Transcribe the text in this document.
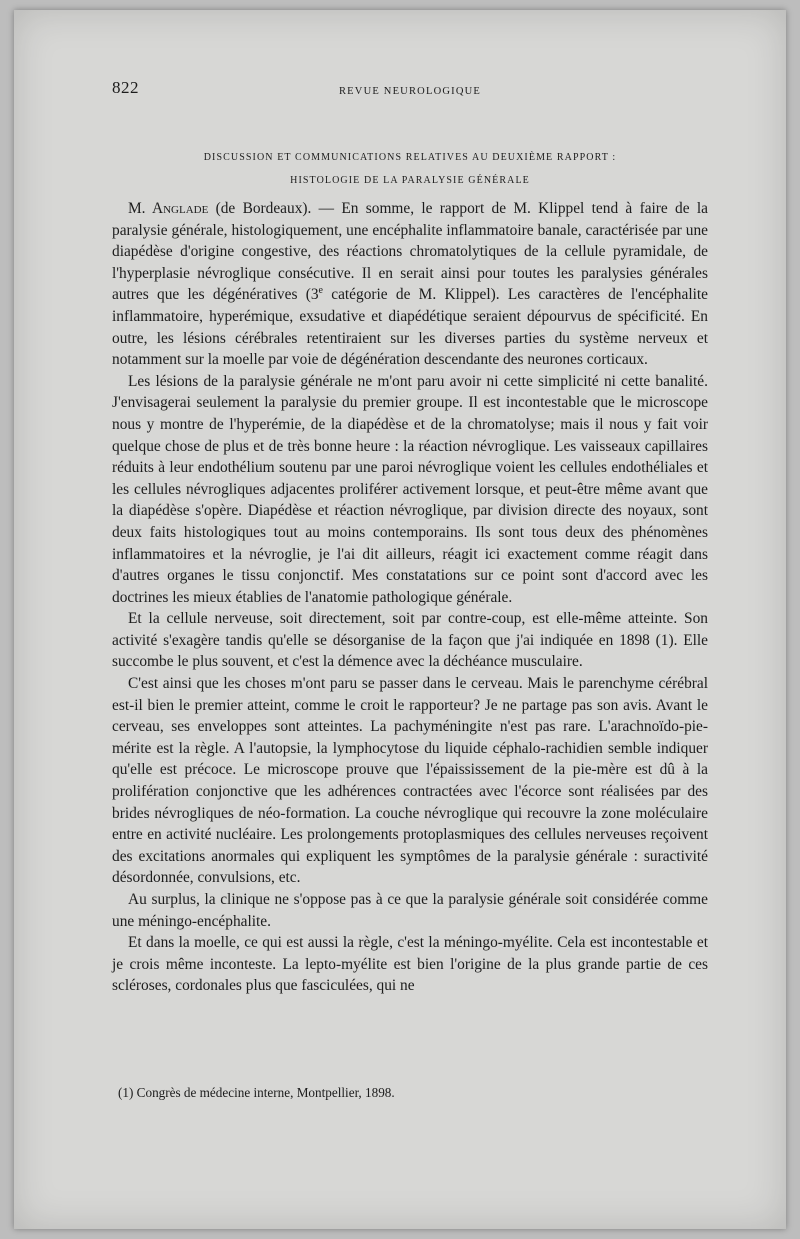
822	REVUE NEUROLOGIQUE
DISCUSSION ET COMMUNICATIONS RELATIVES AU DEUXIÈME RAPPORT :
HISTOLOGIE DE LA PARALYSIE GÉNÉRALE

M. Anglade (de Bordeaux). — En somme, le rapport de M. Klippel tend à faire de la paralysie générale, histologiquement, une encéphalite inflammatoire banale, caractérisée par une diapédèse d'origine congestive, des réactions chromatolytiques de la cellule pyramidale, de l'hyperplasie névroglique consécutive. Il en serait ainsi pour toutes les paralysies générales autres que les dégénératives (3e catégorie de M. Klippel). Les caractères de l'encéphalite inflammatoire, hyperémique, exsudative et diapédétique seraient dépourvus de spécificité. En outre, les lésions cérébrales retentiraient sur les diverses parties du système nerveux et notamment sur la moelle par voie de dégénération descendante des neurones corticaux.

Les lésions de la paralysie générale ne m'ont paru avoir ni cette simplicité ni cette banalité. J'envisagerai seulement la paralysie du premier groupe. Il est incontestable que le microscope nous y montre de l'hyperémie, de la diapédèse et de la chromatolyse; mais il nous y fait voir quelque chose de plus et de très bonne heure : la réaction névroglique. Les vaisseaux capillaires réduits à leur endothélium soutenu par une paroi névroglique voient les cellules endothéliales et les cellules névrogliques adjacentes proliférer activement lorsque, et peut-être même avant que la diapédèse s'opère. Diapédèse et réaction névroglique, par division directe des noyaux, sont deux faits histologiques tout au moins contemporains. Ils sont tous deux des phénomènes inflammatoires et la névroglie, je l'ai dit ailleurs, réagit ici exactement comme réagit dans d'autres organes le tissu conjonctif. Mes constatations sur ce point sont d'accord avec les doctrines les mieux établies de l'anatomie pathologique générale.

Et la cellule nerveuse, soit directement, soit par contre-coup, est elle-même atteinte. Son activité s'exagère tandis qu'elle se désorganise de la façon que j'ai indiquée en 1898 (1). Elle succombe le plus souvent, et c'est la démence avec la déchéance musculaire.

C'est ainsi que les choses m'ont paru se passer dans le cerveau. Mais le parenchyme cérébral est-il bien le premier atteint, comme le croit le rapporteur? Je ne partage pas son avis. Avant le cerveau, ses enveloppes sont atteintes. La pachyméningite n'est pas rare. L'arachnoïdo-pie-mérite est la règle. A l'autopsie, la lymphocytose du liquide céphalo-rachidien semble indiquer qu'elle est précoce. Le microscope prouve que l'épaississement de la pie-mère est dû à la prolifération conjonctive que les adhérences contractées avec l'écorce sont réalisées par des brides névrogliques de néo-formation. La couche névroglique qui recouvre la zone moléculaire entre en activité nucléaire. Les prolongements protoplasmiques des cellules nerveuses reçoivent des excitations anormales qui expliquent les symptômes de la paralysie générale : suractivité désordonnée, convulsions, etc.

Au surplus, la clinique ne s'oppose pas à ce que la paralysie générale soit considérée comme une méningo-encéphalite.

Et dans la moelle, ce qui est aussi la règle, c'est la méningo-myélite. Cela est incontestable et je crois même inconteste. La lepto-myélite est bien l'origine de la plus grande partie de ces scléroses, cordonales plus que fasciculées, qui ne

(1) Congrès de médecine interne, Montpellier, 1898.
